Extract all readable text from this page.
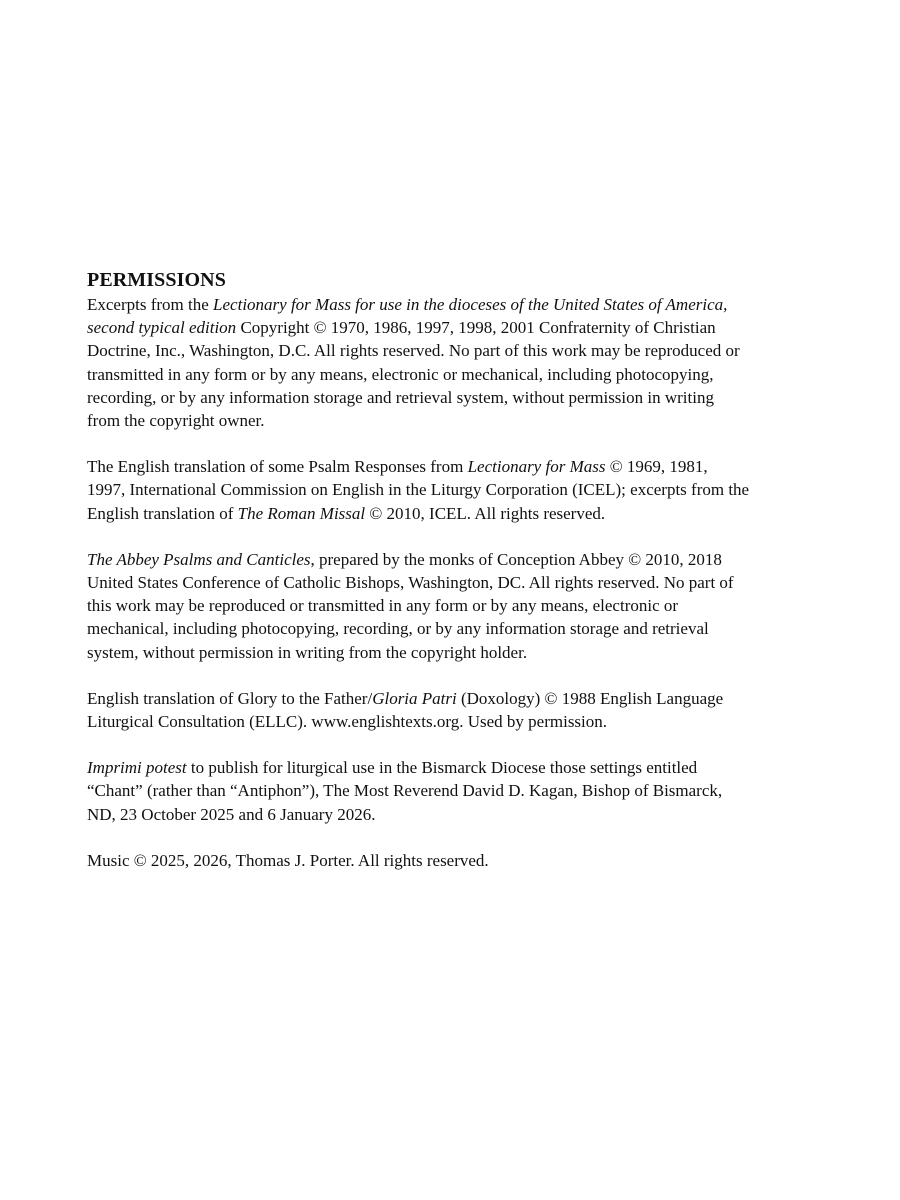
PERMISSIONS
Excerpts from the Lectionary for Mass for use in the dioceses of the United States of America,
second typical edition Copyright © 1970, 1986, 1997, 1998, 2001 Confraternity of Christian
Doctrine, Inc., Washington, D.C. All rights reserved. No part of this work may be reproduced or
transmitted in any form or by any means, electronic or mechanical, including photocopying,
recording, or by any information storage and retrieval system, without permission in writing
from the copyright owner.
The English translation of some Psalm Responses from Lectionary for Mass © 1969, 1981,
1997, International Commission on English in the Liturgy Corporation (ICEL); excerpts from the
English translation of The Roman Missal © 2010, ICEL. All rights reserved.
The Abbey Psalms and Canticles, prepared by the monks of Conception Abbey © 2010, 2018
United States Conference of Catholic Bishops, Washington, DC. All rights reserved. No part of
this work may be reproduced or transmitted in any form or by any means, electronic or
mechanical, including photocopying, recording, or by any information storage and retrieval
system, without permission in writing from the copyright holder.
English translation of Glory to the Father/Gloria Patri (Doxology) © 1988 English Language
Liturgical Consultation (ELLC). www.englishtexts.org. Used by permission.
Imprimi potest to publish for liturgical use in the Bismarck Diocese those settings entitled
“Chant” (rather than “Antiphon”), The Most Reverend David D. Kagan, Bishop of Bismarck,
ND, 23 October 2025 and 6 January 2026.
Music © 2025, 2026, Thomas J. Porter. All rights reserved.
